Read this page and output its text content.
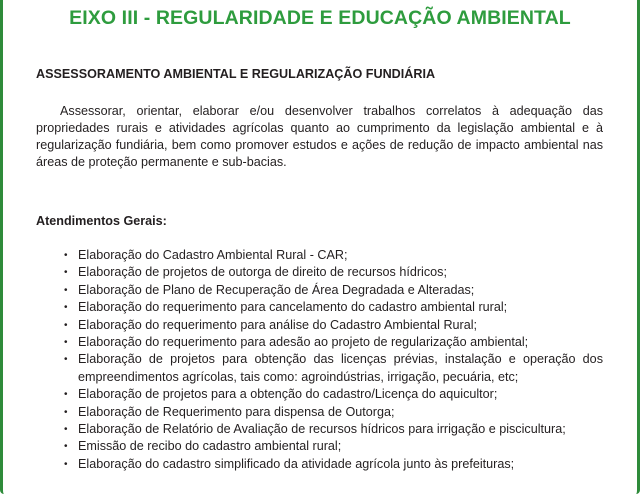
EIXO III - REGULARIDADE E EDUCAÇÃO AMBIENTAL
ASSESSORAMENTO AMBIENTAL E REGULARIZAÇÃO FUNDIÁRIA

Assessorar, orientar, elaborar e/ou desenvolver trabalhos correlatos à adequação das propriedades rurais e atividades agrícolas quanto ao cumprimento da legislação ambiental e à regularização fundiária, bem como promover estudos e ações de redução de impacto ambiental nas áreas de proteção permanente e sub-bacias.

Atendimentos Gerais:
• Elaboração do Cadastro Ambiental Rural - CAR;
• Elaboração de projetos de outorga de direito de recursos hídricos;
• Elaboração de Plano de Recuperação de Área Degradada e Alteradas;
• Elaboração do requerimento para cancelamento do cadastro ambiental rural;
• Elaboração do requerimento para análise do Cadastro Ambiental Rural;
• Elaboração do requerimento para adesão ao projeto de regularização ambiental;
• Elaboração de projetos para obtenção das licenças prévias, instalação e operação dos empreendimentos agrícolas, tais como: agroindústrias, irrigação, pecuária, etc;
• Elaboração de projetos para a obtenção do cadastro/Licença do aquicultor;
• Elaboração de Requerimento para dispensa de Outorga;
• Elaboração de Relatório de Avaliação de recursos hídricos para irrigação e piscicultura;
• Emissão de recibo do cadastro ambiental rural;
• Elaboração do cadastro simplificado da atividade agrícola junto às prefeituras;
